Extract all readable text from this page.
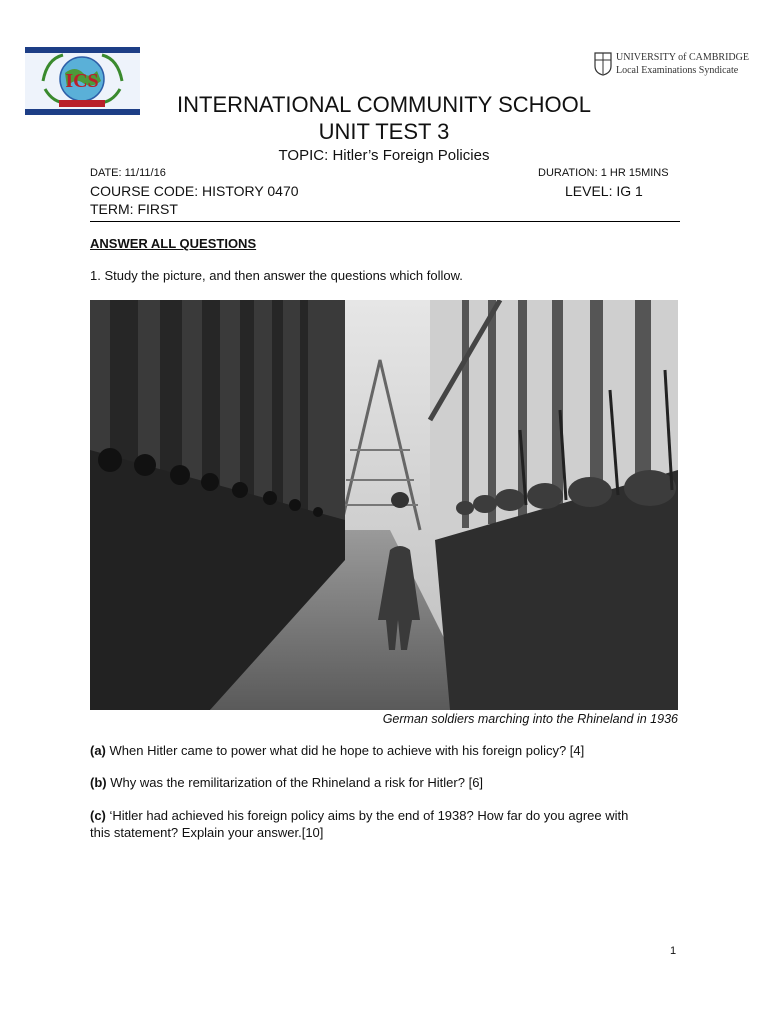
ICS
UNIVERSITY of CAMBRIDGE
Local Examinations Syndicate
INTERNATIONAL COMMUNITY SCHOOL
UNIT TEST 3
TOPIC: Hitler’s Foreign Policies
DATE: 11/11/16	DURATION: 1 HR 15MINS
COURSE CODE: HISTORY 0470	LEVEL: IG 1
TERM: FIRST
ANSWER ALL QUESTIONS
1. Study the picture, and then answer the questions which follow.
German soldiers marching into the Rhineland in 1936
(a) When Hitler came to power what did he hope to achieve with his foreign policy? [4]
(b) Why was the remilitarization of the Rhineland a risk for Hitler? [6]
(c) ‘Hitler had achieved his foreign policy aims by the end of 1938? How far do you agree with
this statement? Explain your answer.[10]
1
